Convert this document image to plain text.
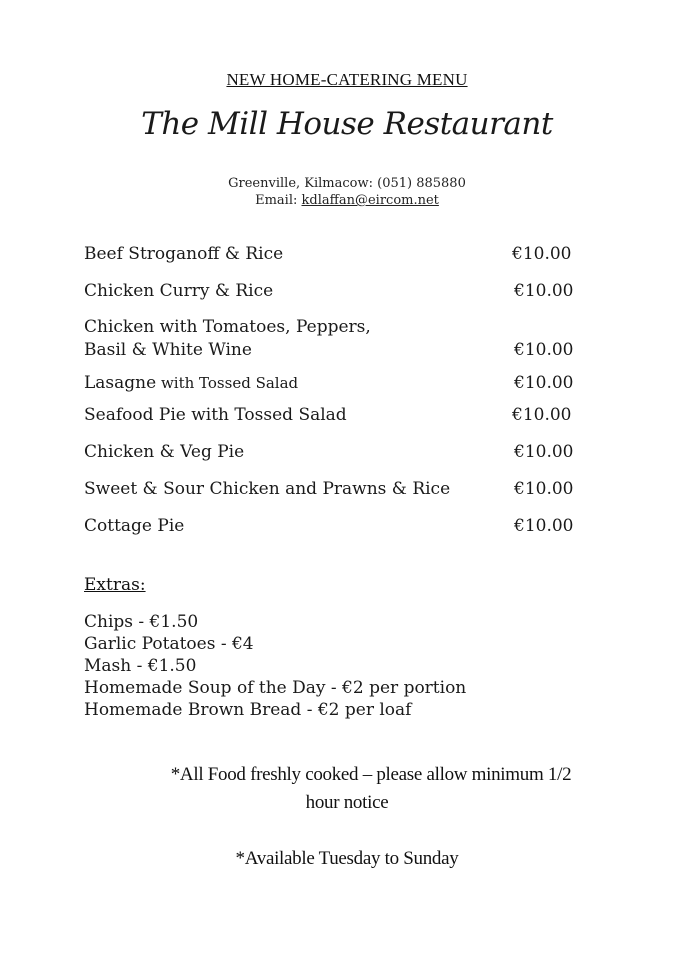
NEW HOME-CATERING MENU
The Mill House Restaurant
Greenville, Kilmacow: (051) 885880
Email: kdlaffan@eircom.net
Beef Stroganoff & Rice	€10.00
Chicken Curry & Rice	€10.00
Chicken with Tomatoes, Peppers,
Basil & White Wine	€10.00
Lasagne with Tossed Salad	€10.00
Seafood Pie with Tossed Salad	€10.00
Chicken & Veg Pie	€10.00
Sweet & Sour Chicken and Prawns & Rice	€10.00
Cottage Pie	€10.00
Extras:
Chips - €1.50
Garlic Potatoes - €4
Mash - €1.50
Homemade Soup of the Day - €2 per portion
Homemade Brown Bread - €2 per loaf
*All Food freshly cooked – please allow minimum 1/2
hour notice
*Available Tuesday to Sunday
